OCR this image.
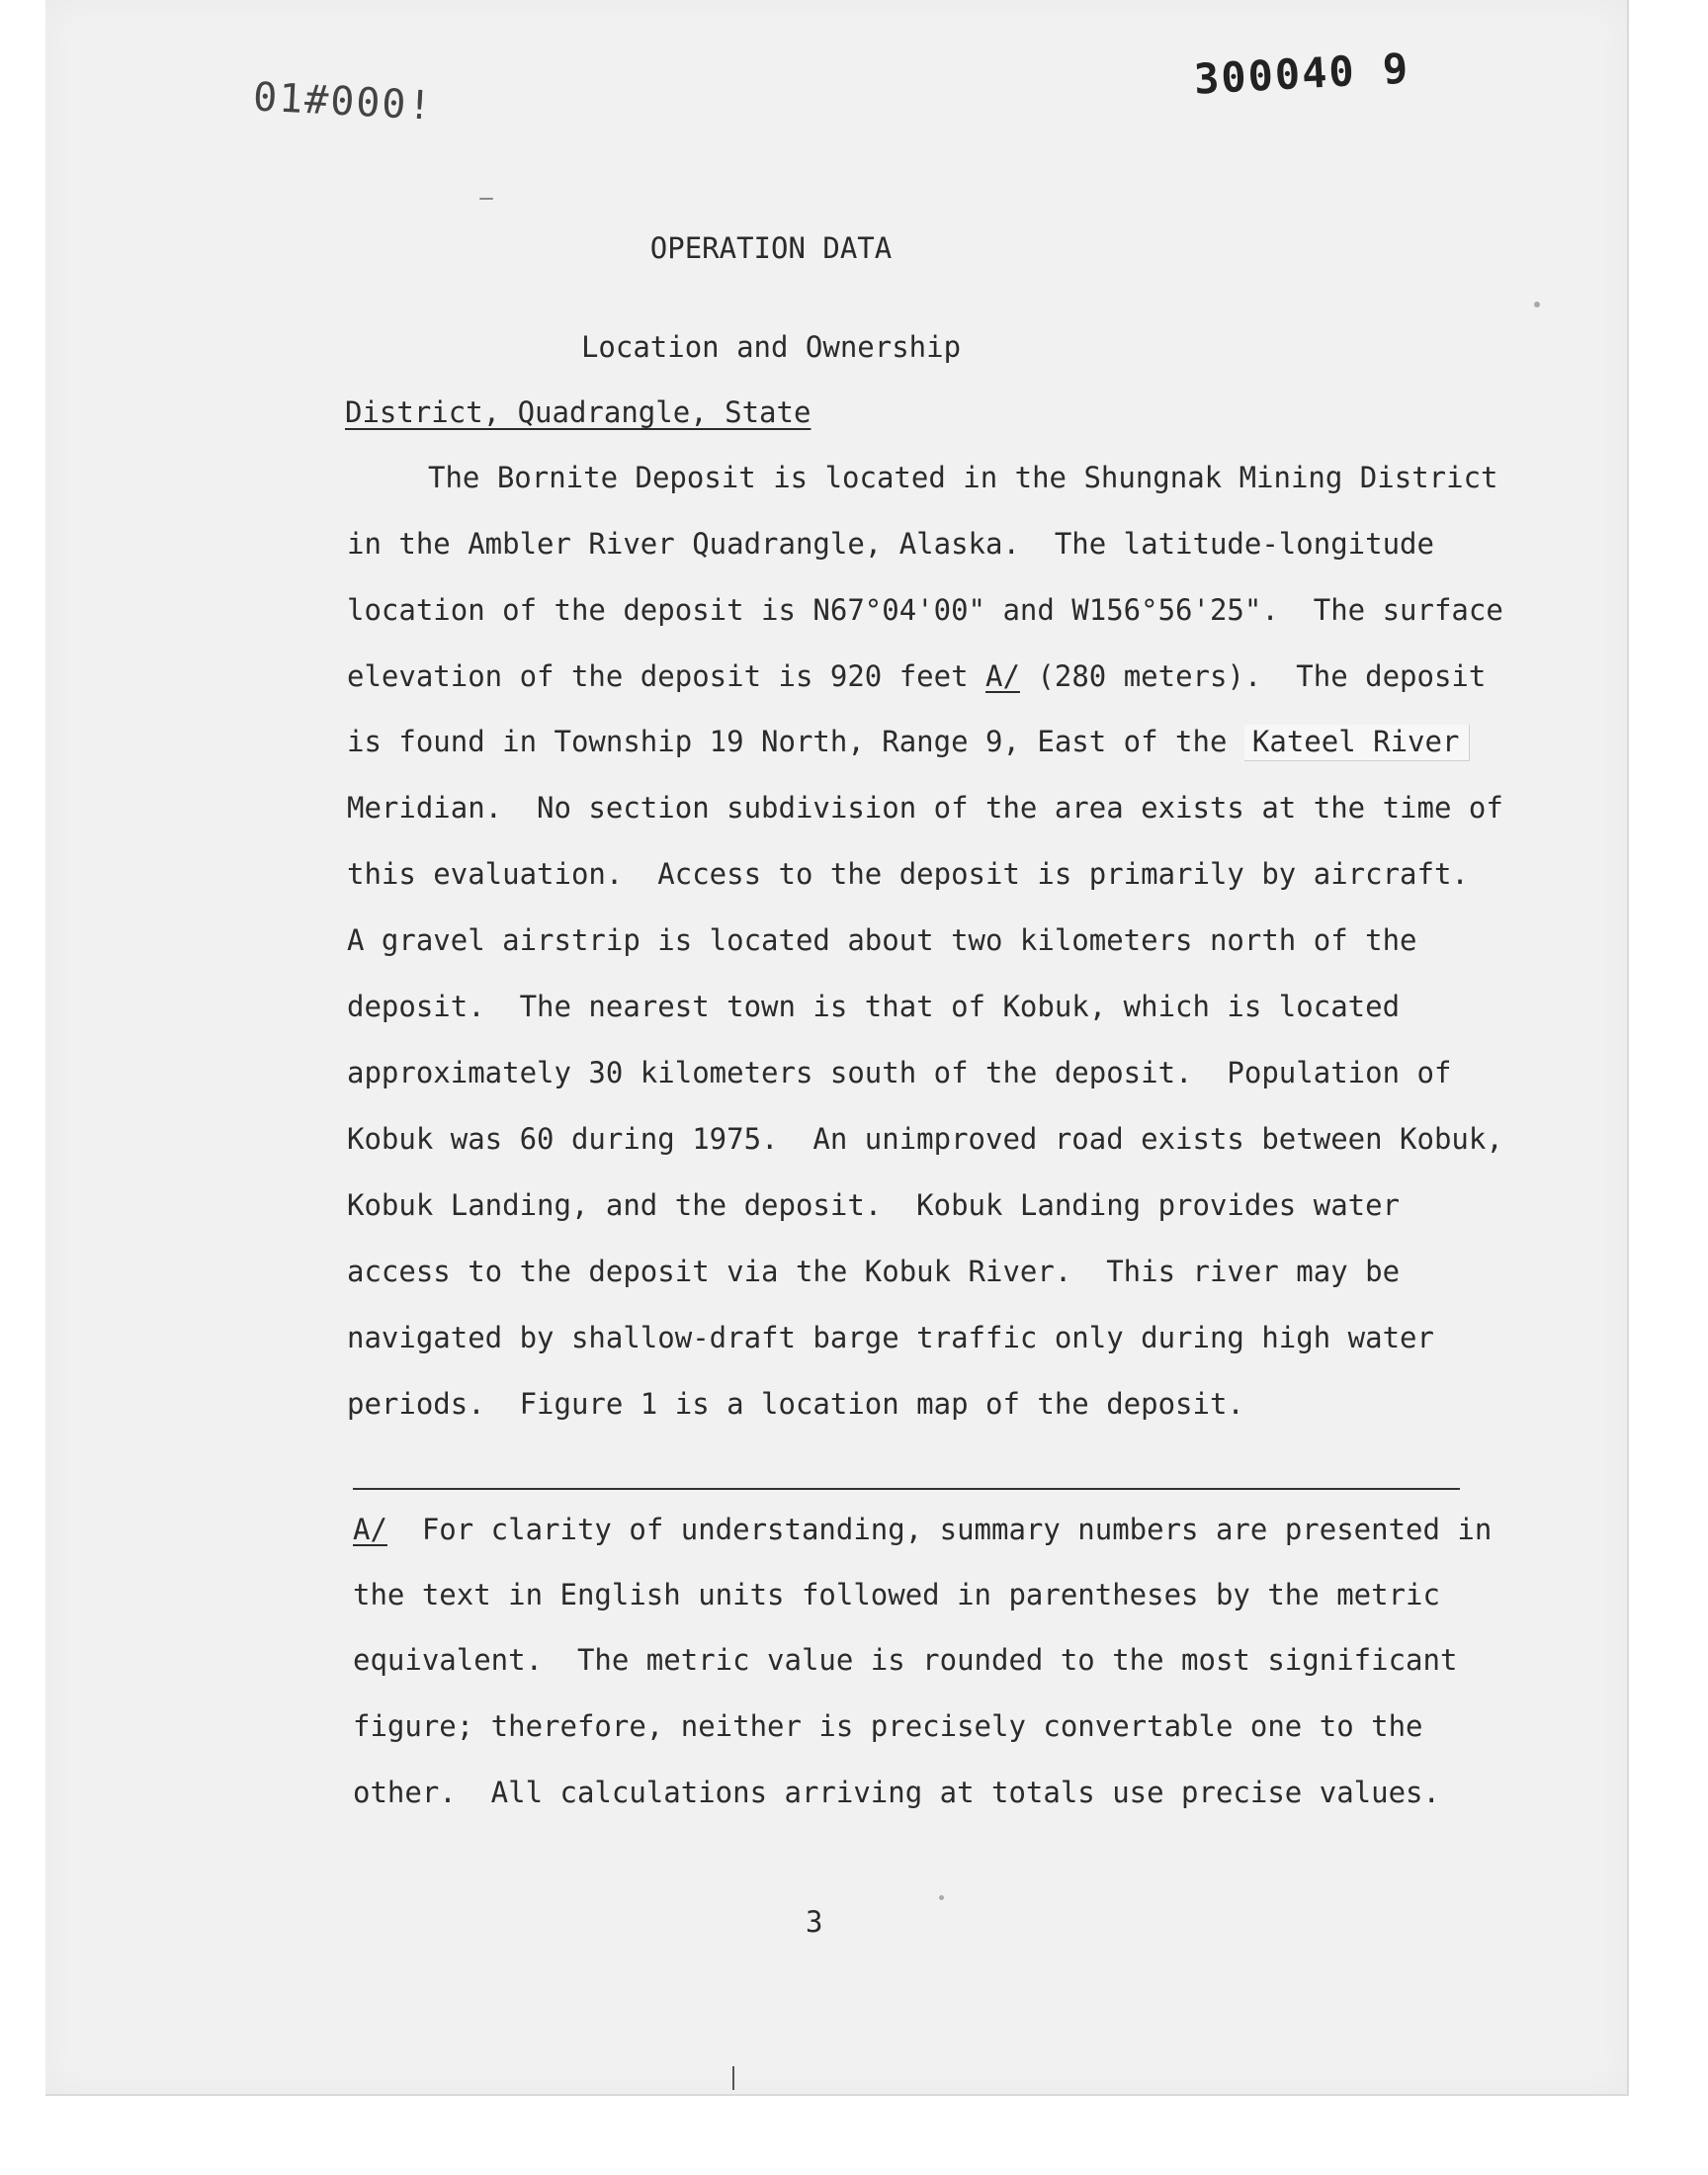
01#000!	300040 9
OPERATION DATA
Location and Ownership
District, Quadrangle, State
The Bornite Deposit is located in the Shungnak Mining District
in the Ambler River Quadrangle, Alaska.  The latitude-longitude
location of the deposit is N67°04'00" and W156°56'25".  The surface
elevation of the deposit is 920 feet A/ (280 meters).  The deposit
is found in Township 19 North, Range 9, East of the Kateel River
Meridian.  No section subdivision of the area exists at the time of
this evaluation.  Access to the deposit is primarily by aircraft.
A gravel airstrip is located about two kilometers north of the
deposit.  The nearest town is that of Kobuk, which is located
approximately 30 kilometers south of the deposit.  Population of
Kobuk was 60 during 1975.  An unimproved road exists between Kobuk,
Kobuk Landing, and the deposit.  Kobuk Landing provides water
access to the deposit via the Kobuk River.  This river may be
navigated by shallow-draft barge traffic only during high water
periods.  Figure 1 is a location map of the deposit.
A/  For clarity of understanding, summary numbers are presented in
the text in English units followed in parentheses by the metric
equivalent.  The metric value is rounded to the most significant
figure; therefore, neither is precisely convertable one to the
other.  All calculations arriving at totals use precise values.
3
